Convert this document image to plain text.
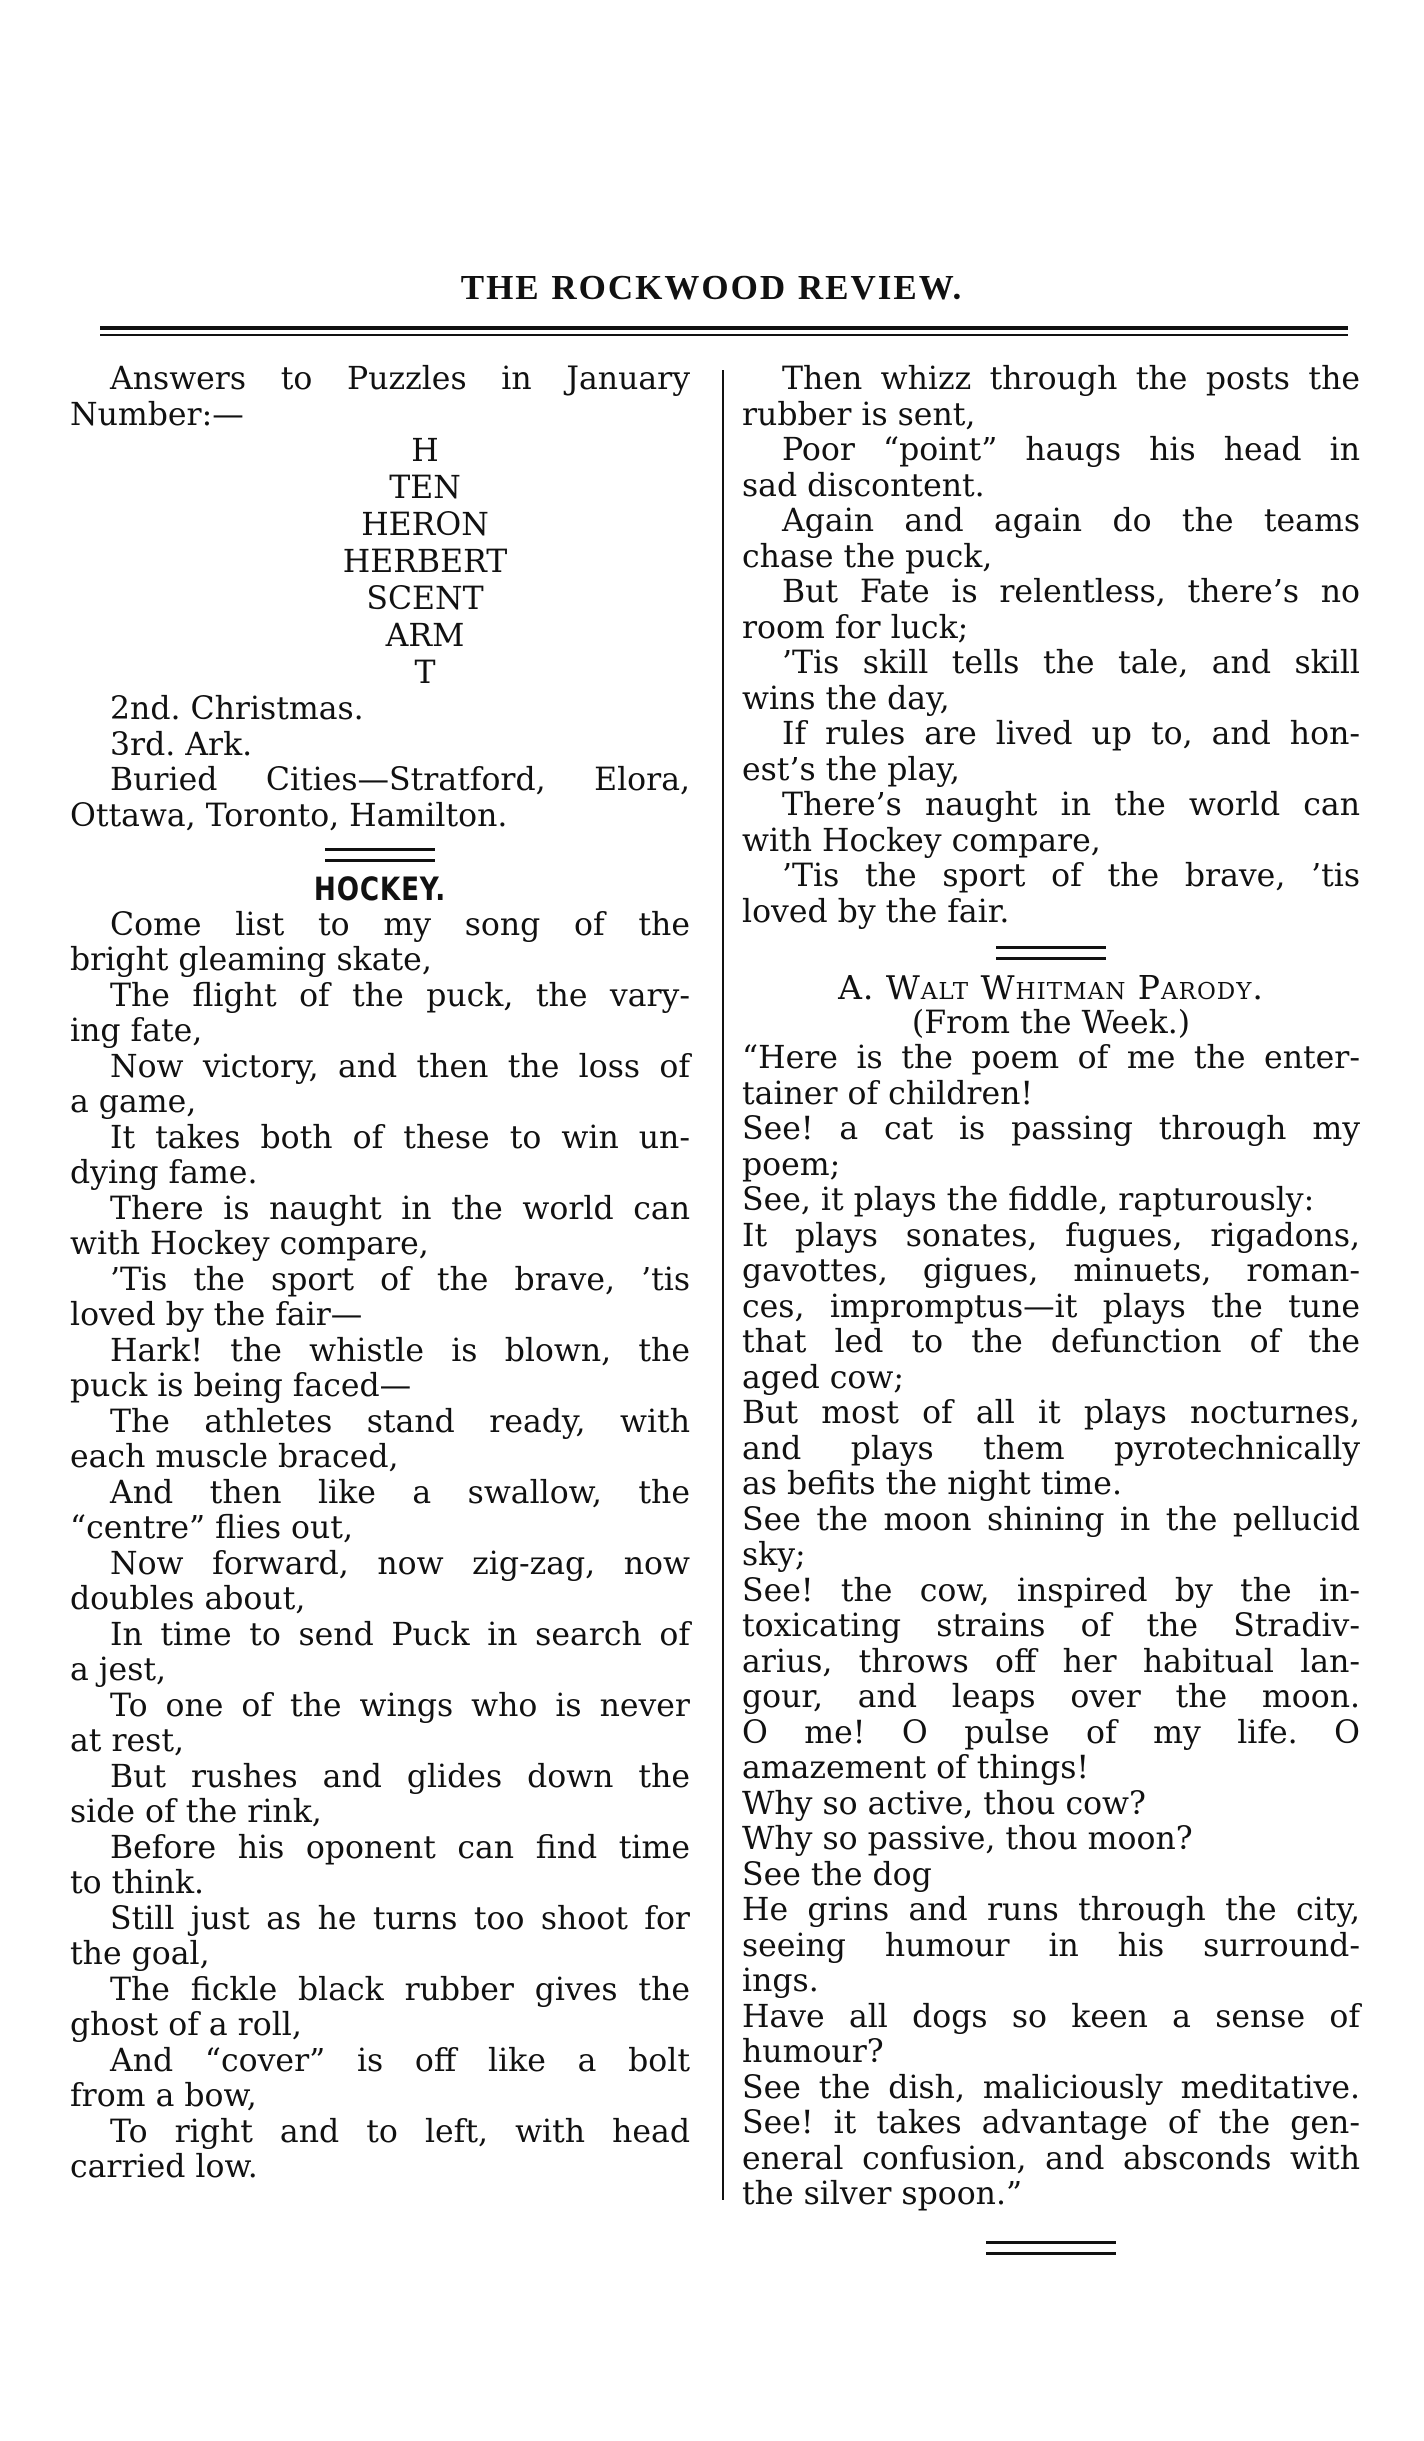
THE ROCKWOOD REVIEW.

Answers to Puzzles in January

Number:—

H

TEN

HERON

HERBERT

SCENT

ARM

T

2nd. Christmas.

3rd. Ark.

Buried Cities—Stratford, Elora,

Ottawa, Toronto, Hamilton.

HOCKEY.

Come list to my song of the

bright gleaming skate,

The flight of the puck, the vary-

ing fate,

Now victory, and then the loss of

a game,

It takes both of these to win un-

dying fame.

There is naught in the world can

with Hockey compare,

’Tis the sport of the brave, ’tis

loved by the fair—

Hark! the whistle is blown, the

puck is being faced—

The athletes stand ready, with

each muscle braced,

And then like a swallow, the

“centre” flies out,

Now forward, now zig-zag, now

doubles about,

In time to send Puck in search of

a jest,

To one of the wings who is never

at rest,

But rushes and glides down the

side of the rink,

Before his oponent can find time

to think.

Still just as he turns too shoot for

the goal,

The fickle black rubber gives the

ghost of a roll,

And “cover” is off like a bolt

from a bow,

To right and to left, with head

carried low.

Then whizz through the posts the

rubber is sent,

Poor “point” haugs his head in

sad discontent.

Again and again do the teams

chase the puck,

But Fate is relentless, there’s no

room for luck;

’Tis skill tells the tale, and skill

wins the day,

If rules are lived up to, and hon-

est’s the play,

There’s naught in the world can

with Hockey compare,

’Tis the sport of the brave, ’tis

loved by the fair.

A. Walt Whitman Parody.

(From the Week.)

“Here is the poem of me the enter-

tainer of children!

See! a cat is passing through my

poem;

See, it plays the fiddle, rapturously:

It plays sonates, fugues, rigadons,

gavottes, gigues, minuets, roman-

ces, impromptus—it plays the tune

that led to the defunction of the

aged cow;

But most of all it plays nocturnes,

and plays them pyrotechnically

as befits the night time.

See the moon shining in the pellucid

sky;

See! the cow, inspired by the in-

toxicating strains of the Stradiv-

arius, throws off her habitual lan-

gour, and leaps over the moon.

O me! O pulse of my life. O

amazement of things!

Why so active, thou cow?

Why so passive, thou moon?

See the dog

He grins and runs through the city,

seeing humour in his surround-

ings.

Have all dogs so keen a sense of

humour?

See the dish, maliciously meditative.

See! it takes advantage of the gen-

eneral confusion, and absconds with

the silver spoon.”
